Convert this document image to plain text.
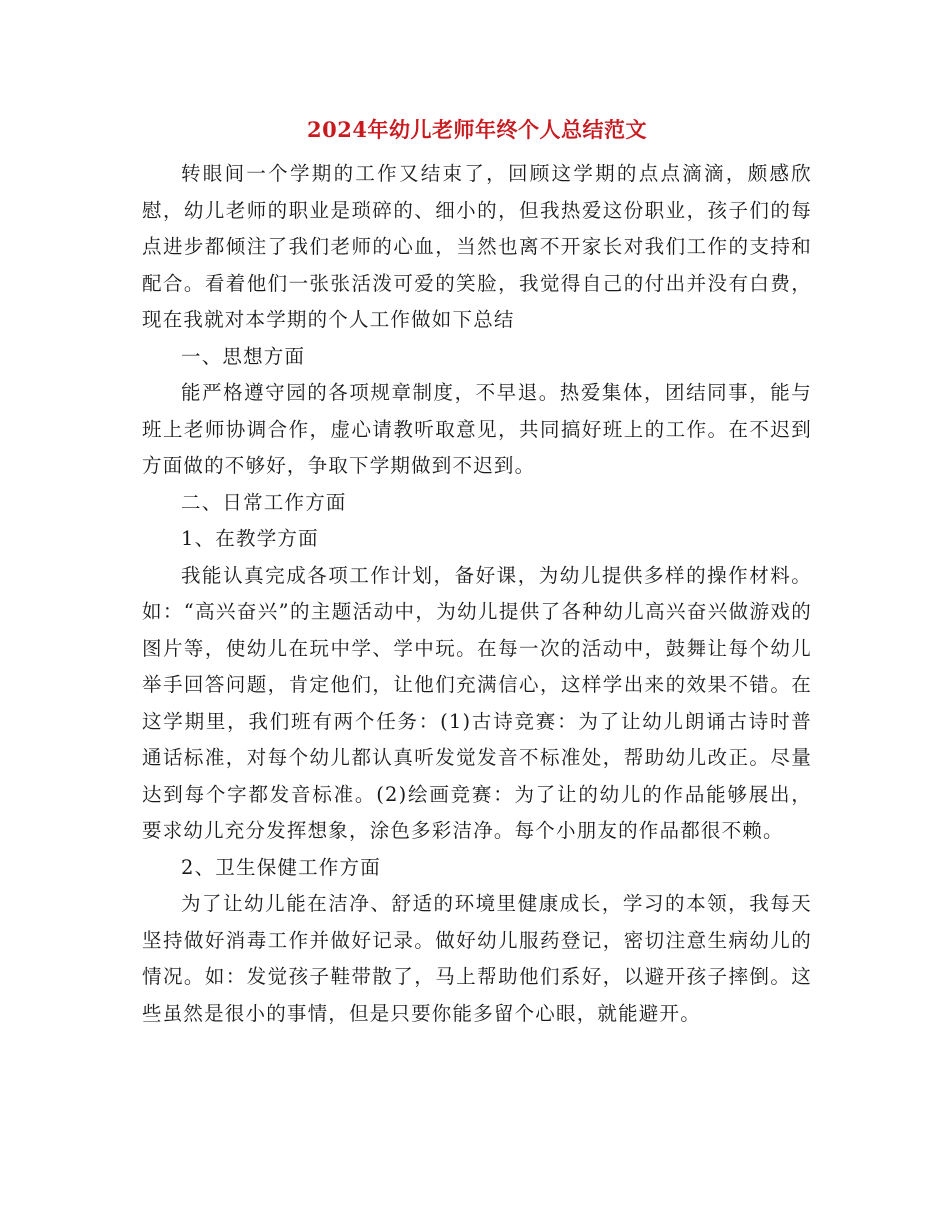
2024年幼儿老师年终个人总结范文

转眼间一个学期的工作又结束了，回顾这学期的点点滴滴，颇感欣慰，幼儿老师的职业是琐碎的、细小的，但我热爱这份职业，孩子们的每点进步都倾注了我们老师的心血，当然也离不开家长对我们工作的支持和配合。看着他们一张张活泼可爱的笑脸，我觉得自己的付出并没有白费，现在我就对本学期的个人工作做如下总结

一、思想方面

能严格遵守园的各项规章制度，不早退。热爱集体，团结同事，能与班上老师协调合作，虚心请教听取意见，共同搞好班上的工作。在不迟到方面做的不够好，争取下学期做到不迟到。

二、日常工作方面

1、在教学方面

我能认真完成各项工作计划，备好课，为幼儿提供多样的操作材料。如：“高兴奋兴”的主题活动中，为幼儿提供了各种幼儿高兴奋兴做游戏的图片等，使幼儿在玩中学、学中玩。在每一次的活动中，鼓舞让每个幼儿举手回答问题，肯定他们，让他们充满信心，这样学出来的效果不错。在这学期里，我们班有两个任务：(1)古诗竞赛：为了让幼儿朗诵古诗时普通话标准，对每个幼儿都认真听发觉发音不标准处，帮助幼儿改正。尽量达到每个字都发音标准。(2)绘画竞赛：为了让的幼儿的作品能够展出，要求幼儿充分发挥想象，涂色多彩洁净。每个小朋友的作品都很不赖。

2、卫生保健工作方面

为了让幼儿能在洁净、舒适的环境里健康成长，学习的本领，我每天坚持做好消毒工作并做好记录。做好幼儿服药登记，密切注意生病幼儿的情况。如：发觉孩子鞋带散了，马上帮助他们系好，以避开孩子摔倒。这些虽然是很小的事情，但是只要你能多留个心眼，就能避开。
